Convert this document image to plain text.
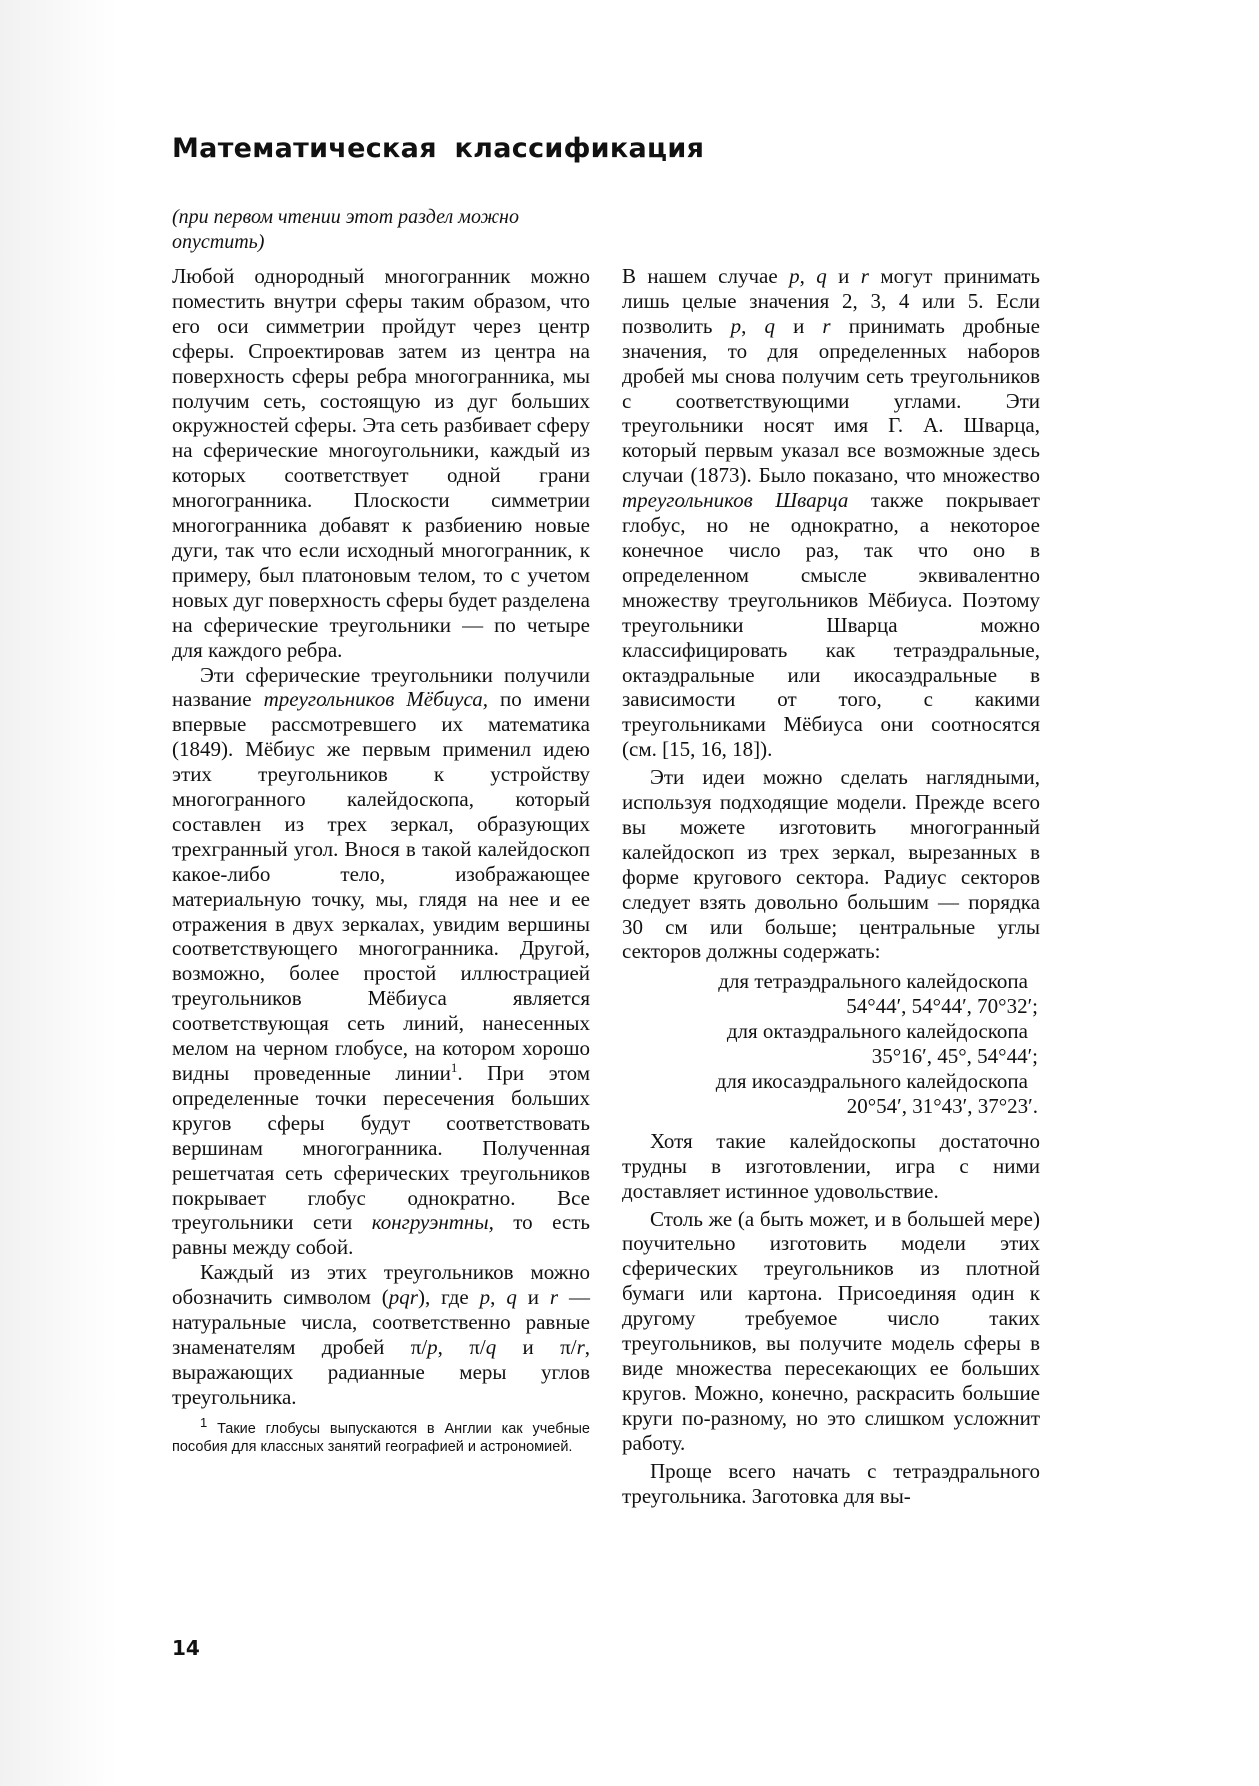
Математическая классификация

(при первом чтении этот раздел можно опустить)

Любой однородный многогранник можно поместить внутри сферы таким образом, что его оси симметрии пройдут через центр сферы. Спроектировав затем из центра на поверхность сферы ребра многогранника, мы получим сеть, состоящую из дуг больших окружностей сферы. Эта сеть разбивает сферу на сферические многоугольники, каждый из которых соответствует одной грани многогранника. Плоскости симметрии многогранника добавят к разбиению новые дуги, так что если исходный многогранник, к примеру, был платоновым телом, то с учетом новых дуг поверхность сферы будет разделена на сферические треугольники — по четыре для каждого ребра.

Эти сферические треугольники получили название треугольников Мёбиуса, по имени впервые рассмотревшего их математика (1849). Мёбиус же первым применил идею этих треугольников к устройству многогранного калейдоскопа, который составлен из трех зеркал, образующих трехгранный угол. Внося в такой калейдоскоп какое-либо тело, изображающее материальную точку, мы, глядя на нее и ее отражения в двух зеркалах, увидим вершины соответствующего многогранника. Другой, возможно, более простой иллюстрацией треугольников Мёбиуса является соответствующая сеть линий, нанесенных мелом на черном глобусе, на котором хорошо видны проведенные линии$^1$. При этом определенные точки пересечения больших кругов сферы будут соответствовать вершинам многогранника. Полученная решетчатая сеть сферических треугольников покрывает глобус однократно. Все треугольники сети конгруэнтны, то есть равны между собой.

Каждый из этих треугольников можно обозначить символом (pqr), где p, q и r — натуральные числа, соответственно равные знаменателям дробей π/p, π/q и π/r, выражающих радианные меры углов треугольника.

$^1$ Такие глобусы выпускаются в Англии как учебные пособия для классных занятий географией и астрономией.

В нашем случае p, q и r могут принимать лишь целые значения 2, 3, 4 или 5. Если позволить p, q и r принимать дробные значения, то для определенных наборов дробей мы снова получим сеть треугольников с соответствующими углами. Эти треугольники носят имя Г. А. Шварца, который первым указал все возможные здесь случаи (1873). Было показано, что множество треугольников Шварца также покрывает глобус, но не однократно, а некоторое конечное число раз, так что оно в определенном смысле эквивалентно множеству треугольников Мёбиуса. Поэтому треугольники Шварца можно классифицировать как тетраэдральные, октаэдральные или икосаэдральные в зависимости от того, с какими треугольниками Мёбиуса они соотносятся (см. [15, 16, 18]).

Эти идеи можно сделать наглядными, используя подходящие модели. Прежде всего вы можете изготовить многогранный калейдоскоп из трех зеркал, вырезанных в форме кругового сектора. Радиус секторов следует взять довольно большим — порядка 30 см или больше; центральные углы секторов должны содержать:

для тетраэдрального калейдоскопа
54°44′, 54°44′, 70°32′;
для октаэдрального калейдоскопа
35°16′, 45°, 54°44′;
для икосаэдрального калейдоскопа
20°54′, 31°43′, 37°23′.

Хотя такие калейдоскопы достаточно трудны в изготовлении, игра с ними доставляет истинное удовольствие.

Столь же (а быть может, и в большей мере) поучительно изготовить модели этих сферических треугольников из плотной бумаги или картона. Присоединяя один к другому требуемое число таких треугольников, вы получите модель сферы в виде множества пересекающих ее больших кругов. Можно, конечно, раскрасить большие круги по-разному, но это слишком усложнит работу.

Проще всего начать с тетраэдрального треугольника. Заготовка для вы-

14
